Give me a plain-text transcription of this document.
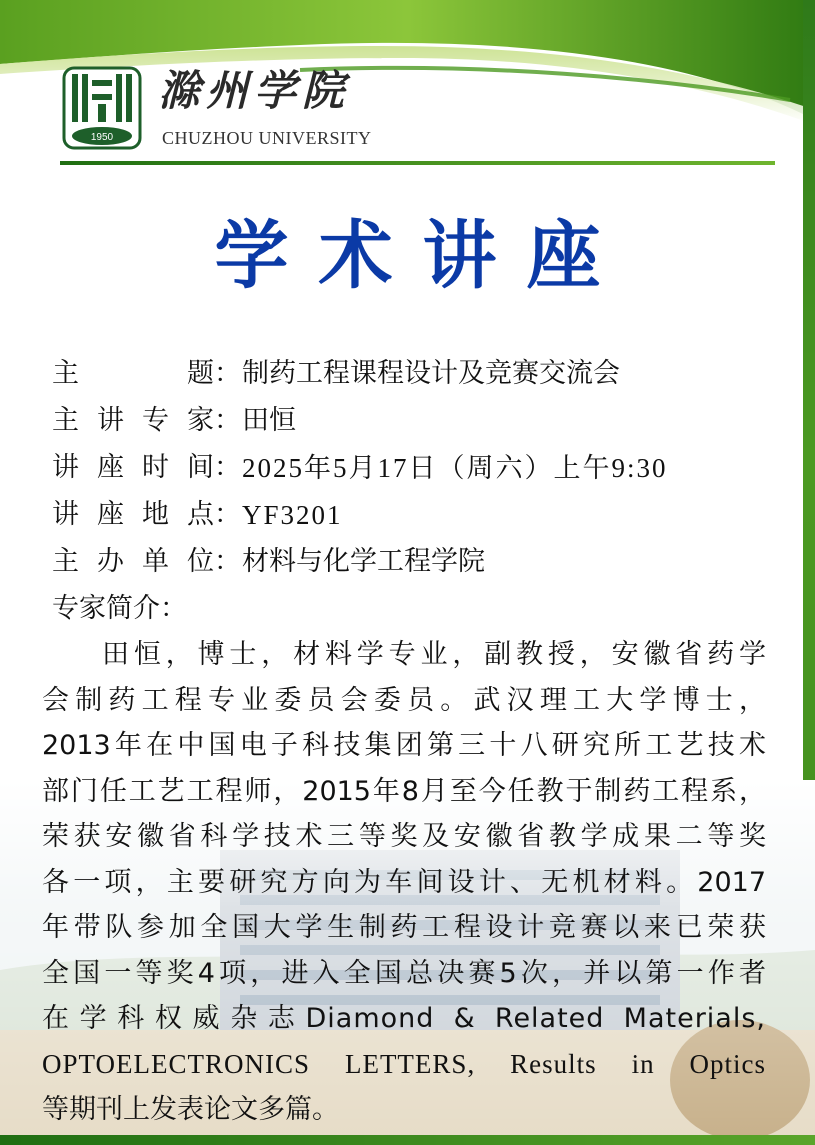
1950
滁州学院
CHUZHOU UNIVERSITY
学术讲座
主 题 ： 制药工程课程设计及竞赛交流会
主讲专家 ： 田恒
讲座时间 ： 2025年5月17日（周六）上午9:30
讲座地点 ： YF3201
主办单位 ： 材料与化学工程学院
专家简介：
田恒，博士，材料学专业，副教授，安徽省药学
会制药工程专业委员会委员。武汉理工大学博士，
2013年在中国电子科技集团第三十八研究所工艺技术
部门任工艺工程师，2015年8月至今任教于制药工程系，
荣获安徽省科学技术三等奖及安徽省教学成果二等奖
各一项，主要研究方向为车间设计、无机材料。2017
年带队参加全国大学生制药工程设计竞赛以来已荣获
全国一等奖4项，进入全国总决赛5次，并以第一作者
在学科权威杂志Diamond & Related Materials,
OPTOELECTRONICS LETTERS, Results in Optics
等期刊上发表论文多篇。
